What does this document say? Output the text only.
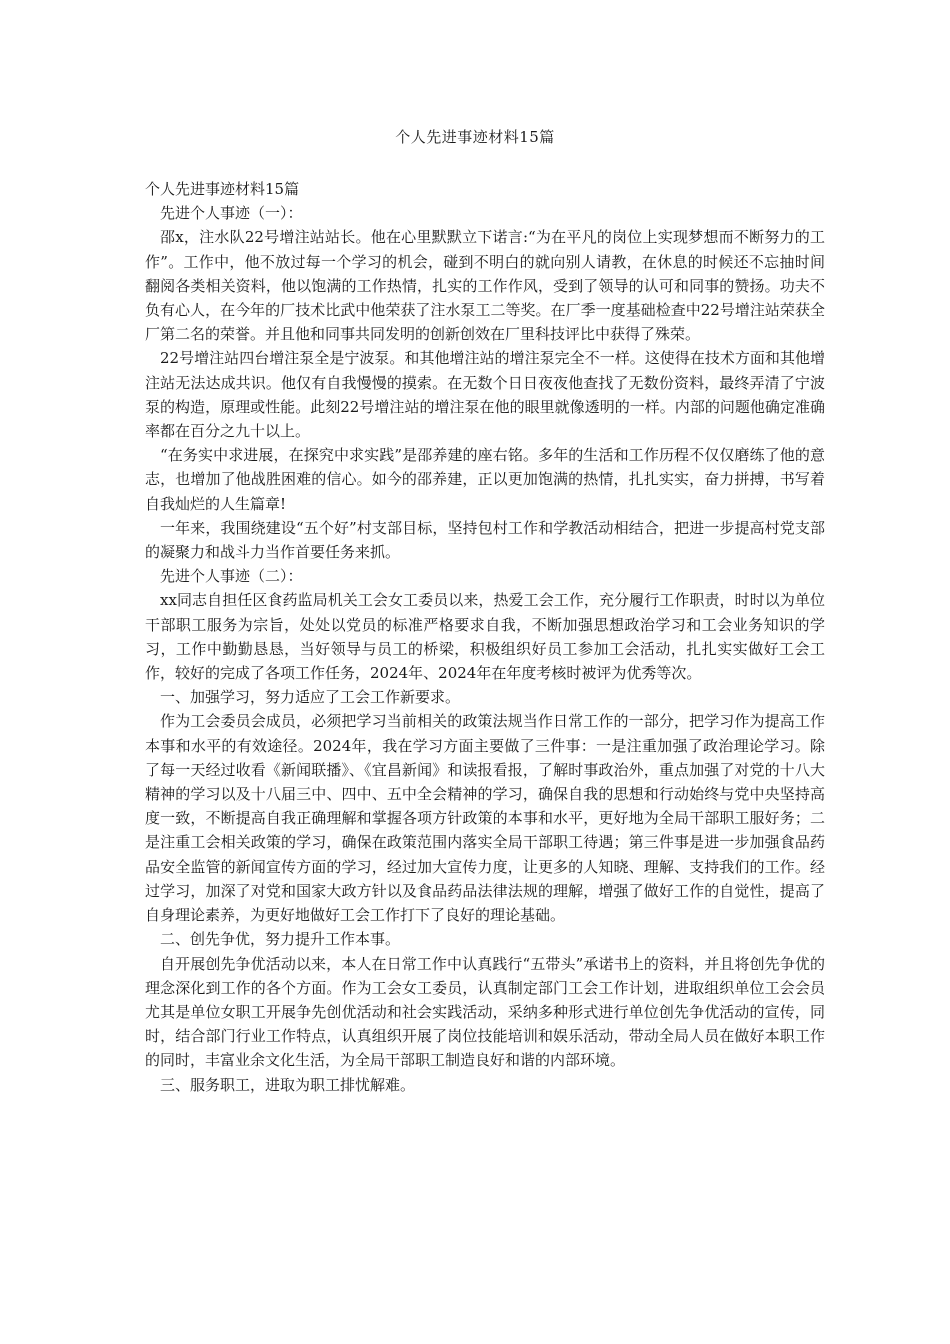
个人先进事迹材料15篇

个人先进事迹材料15篇

先进个人事迹（一）：

邵x，注水队22号增注站站长。他在心里默默立下诺言:“为在平凡的岗位上实现梦想而不断努力的工作”。工作中，他不放过每一个学习的机会，碰到不明白的就向别人请教，在休息的时候还不忘抽时间翻阅各类相关资料，他以饱满的工作热情，扎实的工作作风，受到了领导的认可和同事的赞扬。功夫不负有心人，在今年的厂技术比武中他荣获了注水泵工二等奖。在厂季一度基础检查中22号增注站荣获全厂第二名的荣誉。并且他和同事共同发明的创新创效在厂里科技评比中获得了殊荣。

22号增注站四台增注泵全是宁波泵。和其他增注站的增注泵完全不一样。这使得在技术方面和其他增注站无法达成共识。他仅有自我慢慢的摸索。在无数个日日夜夜他查找了无数份资料，最终弄清了宁波泵的构造，原理或性能。此刻22号增注站的增注泵在他的眼里就像透明的一样。内部的问题他确定准确率都在百分之九十以上。

“在务实中求进展，在探究中求实践”是邵养建的座右铭。多年的生活和工作历程不仅仅磨练了他的意志，也增加了他战胜困难的信心。如今的邵养建，正以更加饱满的热情，扎扎实实，奋力拼搏，书写着自我灿烂的人生篇章!

一年来，我围绕建设“五个好”村支部目标，坚持包村工作和学教活动相结合，把进一步提高村党支部的凝聚力和战斗力当作首要任务来抓。

先进个人事迹（二）：

xx同志自担任区食药监局机关工会女工委员以来，热爱工会工作，充分履行工作职责，时时以为单位干部职工服务为宗旨，处处以党员的标准严格要求自我，不断加强思想政治学习和工会业务知识的学习，工作中勤勤恳恳，当好领导与员工的桥梁，积极组织好员工参加工会活动，扎扎实实做好工会工作，较好的完成了各项工作任务，2024年、2024年在年度考核时被评为优秀等次。

一、加强学习，努力适应了工会工作新要求。

作为工会委员会成员，必须把学习当前相关的政策法规当作日常工作的一部分，把学习作为提高工作本事和水平的有效途径。2024年，我在学习方面主要做了三件事：一是注重加强了政治理论学习。除了每一天经过收看《新闻联播》、《宜昌新闻》和读报看报，了解时事政治外，重点加强了对党的十八大精神的学习以及十八届三中、四中、五中全会精神的学习，确保自我的思想和行动始终与党中央坚持高度一致，不断提高自我正确理解和掌握各项方针政策的本事和水平，更好地为全局干部职工服好务；二是注重工会相关政策的学习，确保在政策范围内落实全局干部职工待遇；第三件事是进一步加强食品药品安全监管的新闻宣传方面的学习，经过加大宣传力度，让更多的人知晓、理解、支持我们的工作。经过学习，加深了对党和国家大政方针以及食品药品法律法规的理解，增强了做好工作的自觉性，提高了自身理论素养，为更好地做好工会工作打下了良好的理论基础。

二、创先争优，努力提升工作本事。

自开展创先争优活动以来，本人在日常工作中认真践行“五带头”承诺书上的资料，并且将创先争优的理念深化到工作的各个方面。作为工会女工委员，认真制定部门工会工作计划，进取组织单位工会会员尤其是单位女职工开展争先创优活动和社会实践活动，采纳多种形式进行单位创先争优活动的宣传，同时，结合部门行业工作特点，认真组织开展了岗位技能培训和娱乐活动，带动全局人员在做好本职工作的同时，丰富业余文化生活，为全局干部职工制造良好和谐的内部环境。

三、服务职工，进取为职工排忧解难。
